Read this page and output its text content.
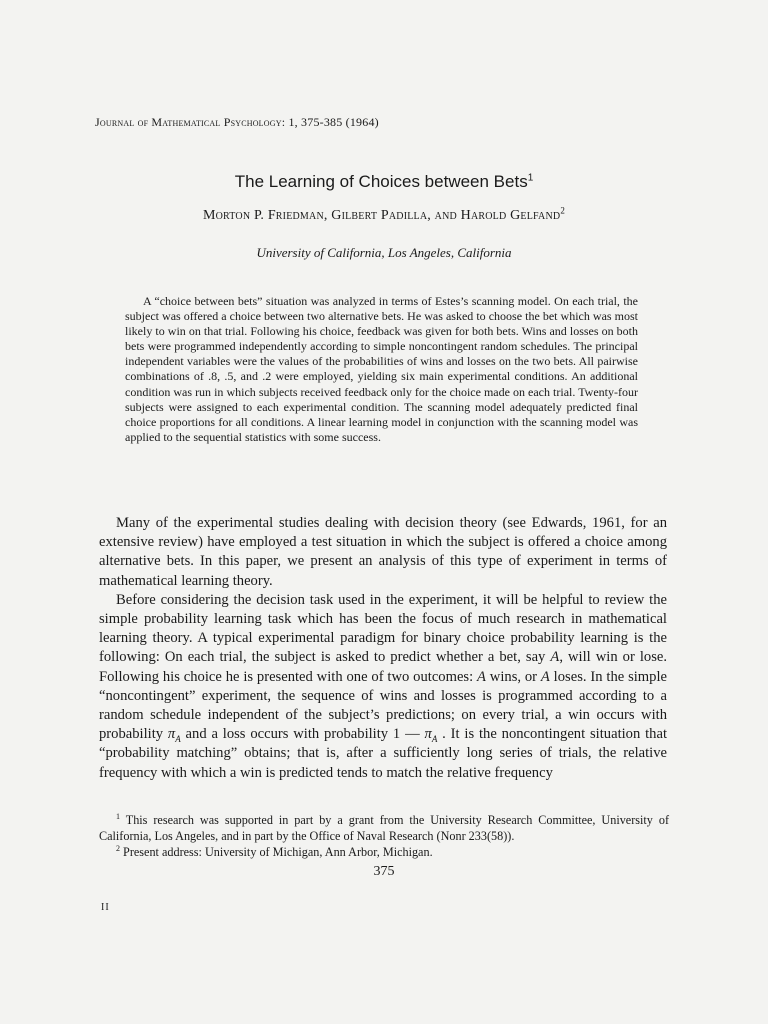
Journal of Mathematical Psychology: 1, 375-385 (1964)
The Learning of Choices between Bets$^1$
Morton P. Friedman, Gilbert Padilla, and Harold Gelfand$^2$
University of California, Los Angeles, California

A “choice between bets” situation was analyzed in terms of Estes’s scanning model. On each trial, the subject was offered a choice between two alternative bets. He was asked to choose the bet which was most likely to win on that trial. Following his choice, feedback was given for both bets. Wins and losses on both bets were programmed independently according to simple noncontingent random schedules. The principal independent variables were the values of the probabilities of wins and losses on the two bets. All pairwise combinations of .8, .5, and .2 were employed, yielding six main experimental conditions. An additional condition was run in which subjects received feedback only for the choice made on each trial. Twenty-four subjects were assigned to each experimental condition. The scanning model adequately predicted final choice proportions for all conditions. A linear learning model in conjunction with the scanning model was applied to the sequential statistics with some success.

Many of the experimental studies dealing with decision theory (see Edwards, 1961, for an extensive review) have employed a test situation in which the subject is offered a choice among alternative bets. In this paper, we present an analysis of this type of experiment in terms of mathematical learning theory.

Before considering the decision task used in the experiment, it will be helpful to review the simple probability learning task which has been the focus of much research in mathematical learning theory. A typical experimental paradigm for binary choice probability learning is the following: On each trial, the subject is asked to predict whether a bet, say A, will win or lose. Following his choice he is presented with one of two outcomes: A wins, or A loses. In the simple “noncontingent” experiment, the sequence of wins and losses is programmed according to a random schedule independent of the subject’s predictions; on every trial, a win occurs with probability $\pi_A$ and a loss occurs with probability 1 — $\pi_A$ . It is the noncontingent situation that “probability matching” obtains; that is, after a sufficiently long series of trials, the relative frequency with which a win is predicted tends to match the relative frequency

$^1$ This research was supported in part by a grant from the University Research Committee, University of California, Los Angeles, and in part by the Office of Naval Research (Nonr 233(58)).

$^2$ Present address: University of Michigan, Ann Arbor, Michigan.

375
II
